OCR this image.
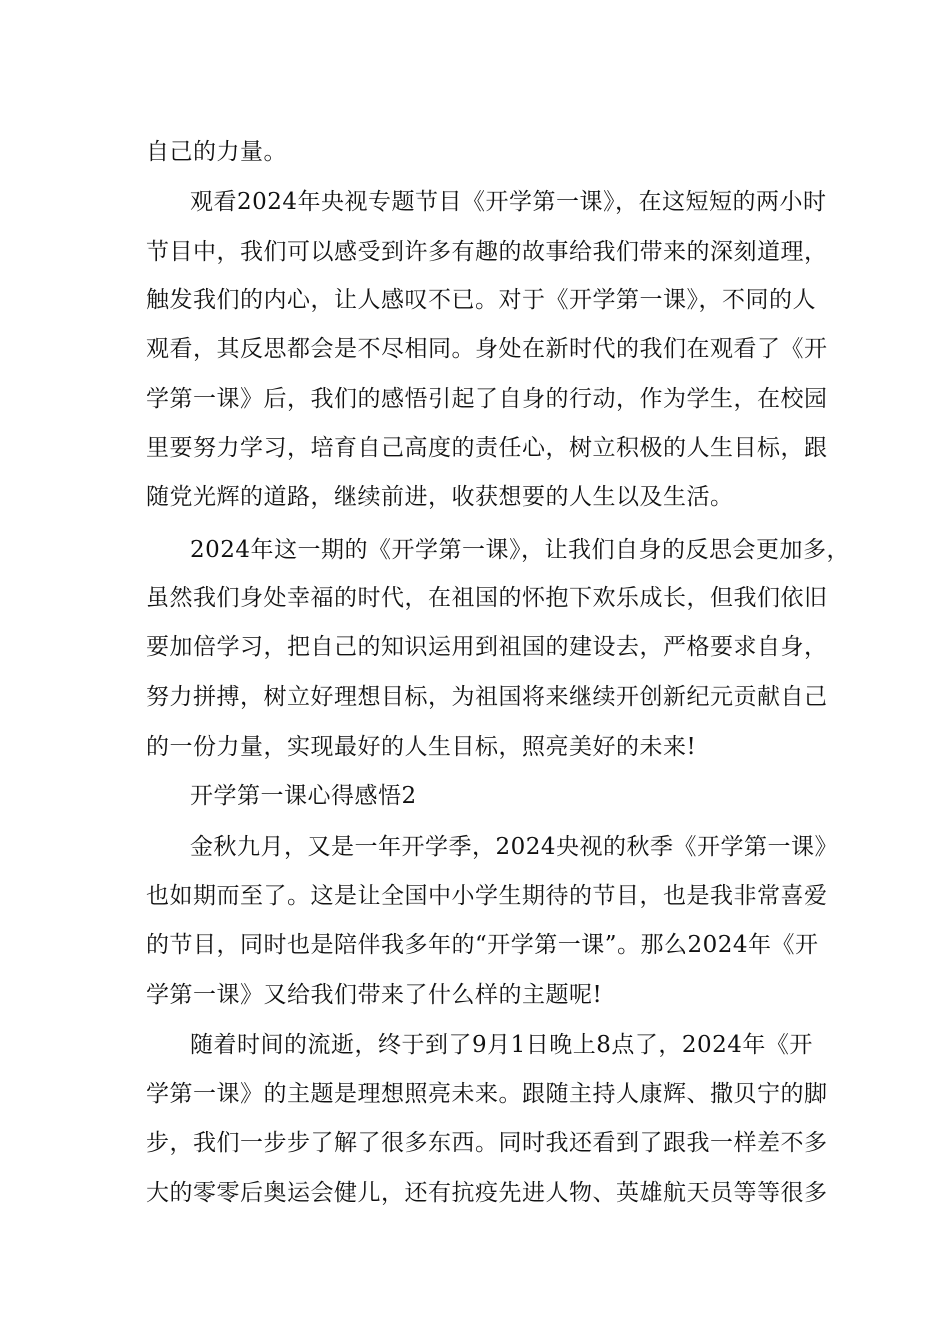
自己的力量。
观看2024年央视专题节目《开学第一课》，在这短短的两小时
节目中，我们可以感受到许多有趣的故事给我们带来的深刻道理，
触发我们的内心，让人感叹不已。对于《开学第一课》，不同的人
观看，其反思都会是不尽相同。身处在新时代的我们在观看了《开
学第一课》后，我们的感悟引起了自身的行动，作为学生，在校园
里要努力学习，培育自己高度的责任心，树立积极的人生目标，跟
随党光辉的道路，继续前进，收获想要的人生以及生活。
2024年这一期的《开学第一课》，让我们自身的反思会更加多，
虽然我们身处幸福的时代，在祖国的怀抱下欢乐成长，但我们依旧
要加倍学习，把自己的知识运用到祖国的建设去，严格要求自身，
努力拼搏，树立好理想目标，为祖国将来继续开创新纪元贡献自己
的一份力量，实现最好的人生目标，照亮美好的未来!
开学第一课心得感悟2
金秋九月，又是一年开学季，2024央视的秋季《开学第一课》
也如期而至了。这是让全国中小学生期待的节目，也是我非常喜爱
的节目，同时也是陪伴我多年的“开学第一课”。那么2024年《开
学第一课》又给我们带来了什么样的主题呢!
随着时间的流逝，终于到了9月1日晚上8点了，2024年《开
学第一课》的主题是理想照亮未来。跟随主持人康辉、撒贝宁的脚
步，我们一步步了解了很多东西。同时我还看到了跟我一样差不多
大的零零后奥运会健儿，还有抗疫先进人物、英雄航天员等等很多
